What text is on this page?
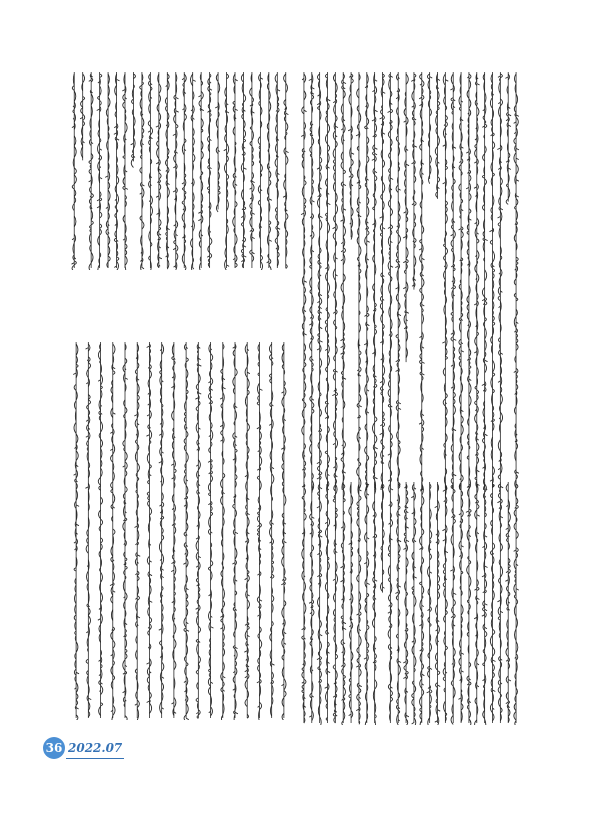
36 2022.07
